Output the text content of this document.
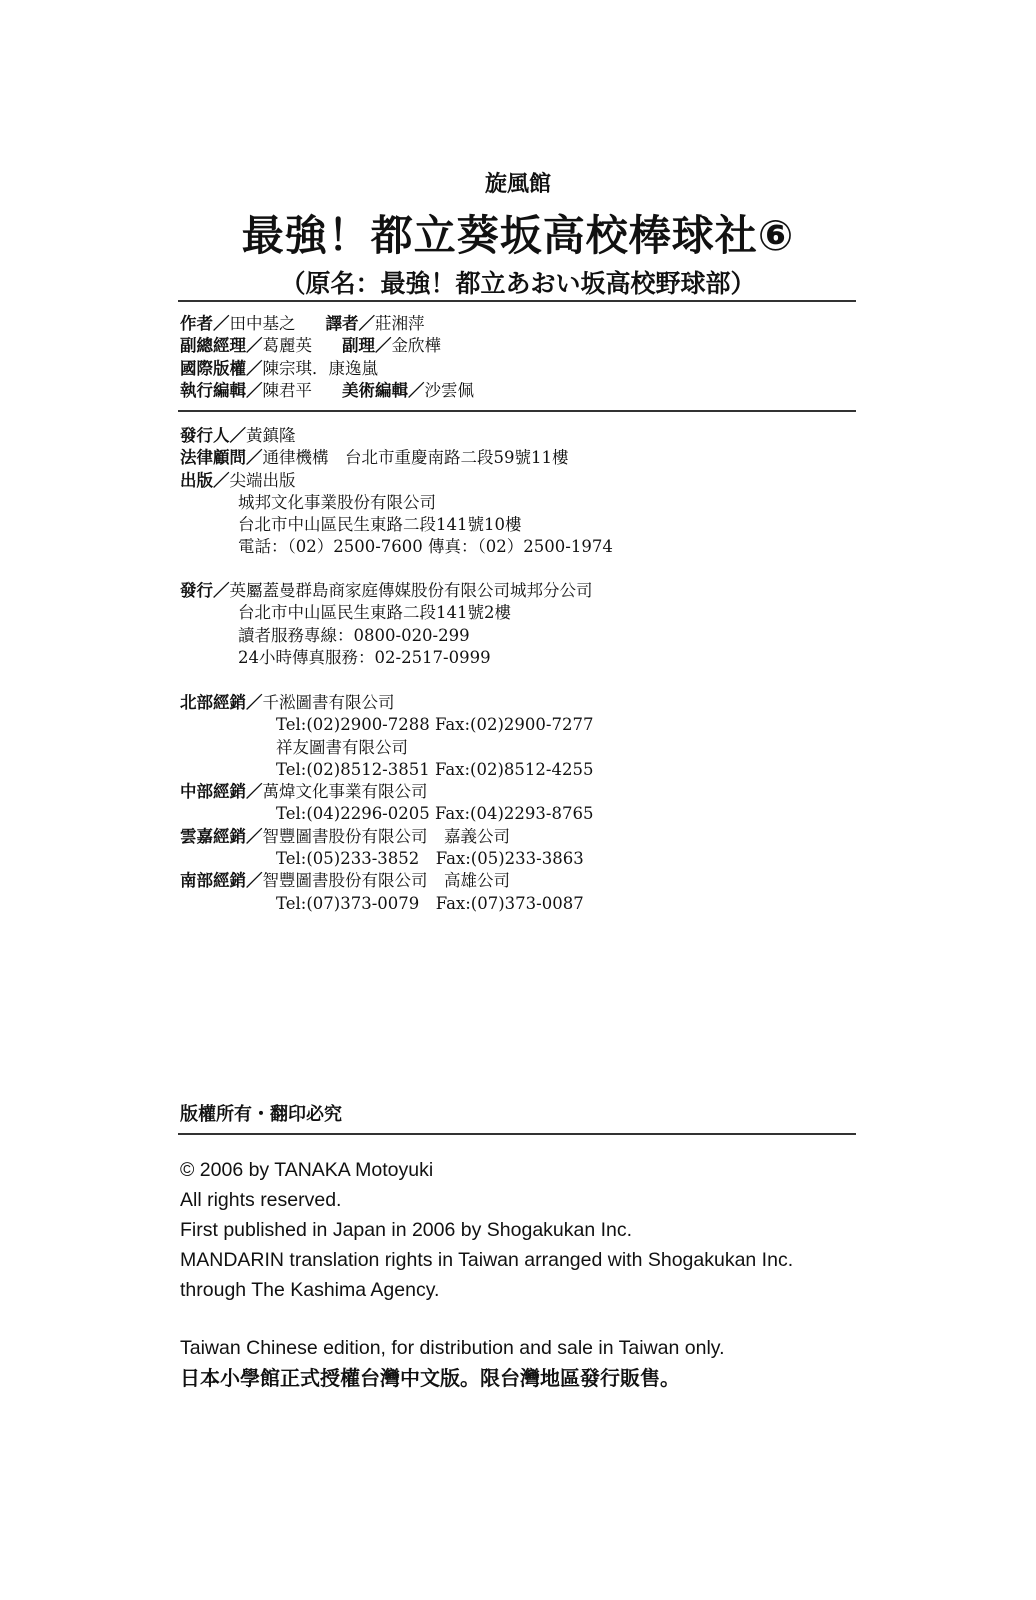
旋風館
最強！都立葵坂高校棒球社⑥
（原名：最強！都立あおい坂高校野球部）
作者／田中基之 譯者／莊湘萍
副總經理／葛麗英 副理／金欣樺
國際版權／陳宗琪．康逸嵐
執行編輯／陳君平 美術編輯／沙雲佩
發行人／黃鎮隆
法律顧問／通律機構　台北市重慶南路二段59號11樓
出版／尖端出版
城邦文化事業股份有限公司
台北市中山區民生東路二段141號10樓
電話：（02）2500-7600 傳真：（02）2500-1974
發行／英屬蓋曼群島商家庭傳媒股份有限公司城邦分公司
台北市中山區民生東路二段141號2樓
讀者服務專線：0800-020-299
24小時傳真服務：02-2517-0999
北部經銷／千淞圖書有限公司
Tel:(02)2900-7288 Fax:(02)2900-7277
祥友圖書有限公司
Tel:(02)8512-3851 Fax:(02)8512-4255
中部經銷／萬煒文化事業有限公司
Tel:(04)2296-0205 Fax:(04)2293-8765
雲嘉經銷／智豐圖書股份有限公司　嘉義公司
Tel:(05)233-3852　Fax:(05)233-3863
南部經銷／智豐圖書股份有限公司　高雄公司
Tel:(07)373-0079　Fax:(07)373-0087
版權所有・翻印必究
© 2006 by TANAKA Motoyuki
All rights reserved.
First published in Japan in 2006 by Shogakukan Inc.
MANDARIN translation rights in Taiwan arranged with Shogakukan Inc.
through The Kashima Agency.
Taiwan Chinese edition, for distribution and sale in Taiwan only.
日本小學館正式授權台灣中文版。限台灣地區發行販售。
